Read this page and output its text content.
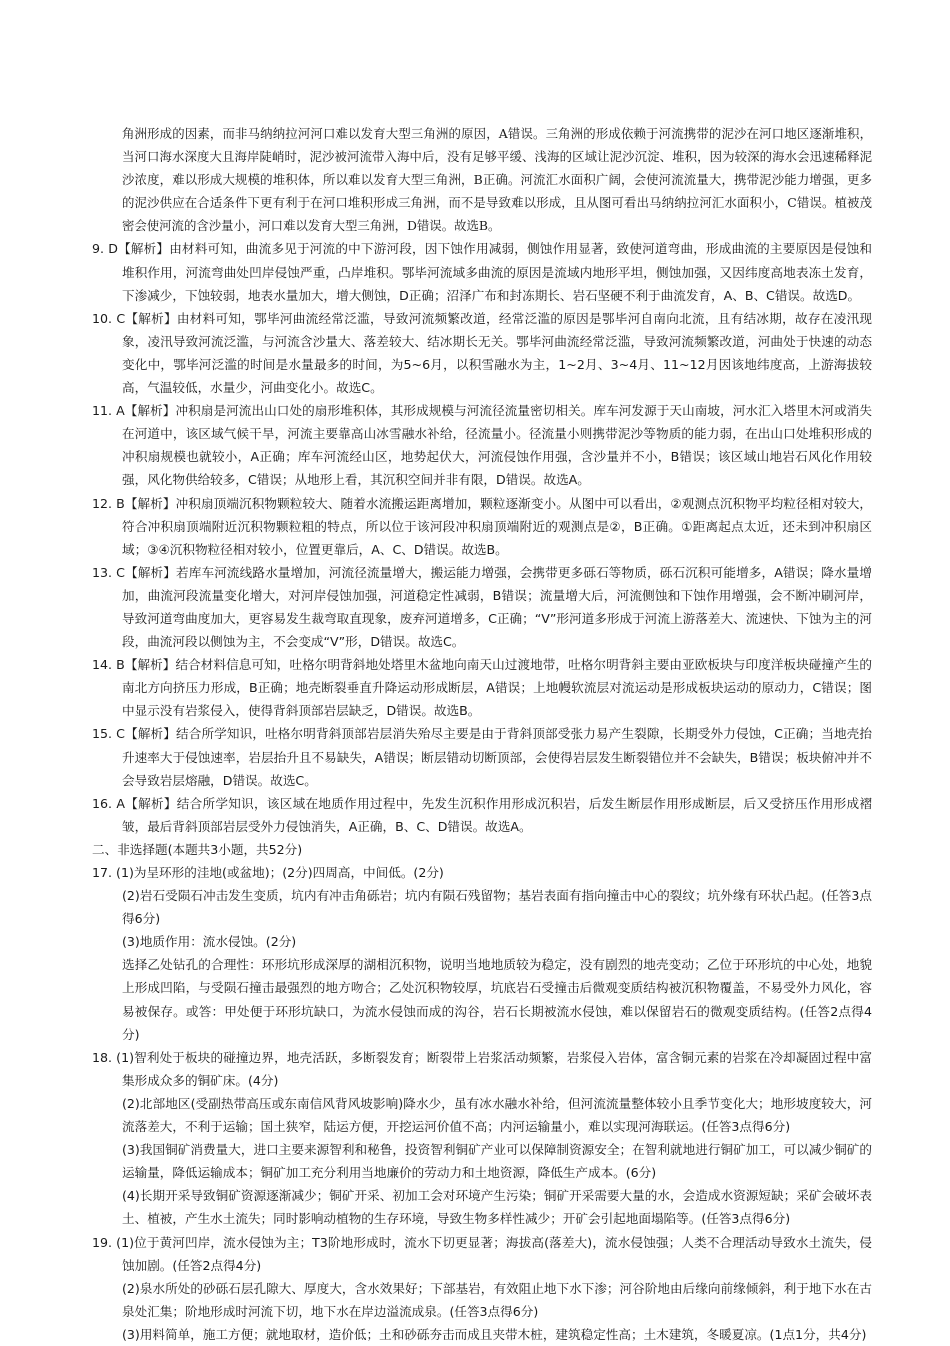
角洲形成的因素，而非马纳纳拉河河口难以发育大型三角洲的原因，A错误。三角洲的形成依赖于河流携带的泥沙在河口地区逐渐堆积，当河口海水深度大且海岸陡峭时，泥沙被河流带入海中后，没有足够平缓、浅海的区域让泥沙沉淀、堆积，因为较深的海水会迅速稀释泥沙浓度，难以形成大规模的堆积体，所以难以发育大型三角洲，B正确。河流汇水面积广阔，会使河流流量大，携带泥沙能力增强，更多的泥沙供应在合适条件下更有利于在河口堆积形成三角洲，而不是导致难以形成，且从图可看出马纳纳拉河汇水面积小，C错误。植被茂密会使河流的含沙量小，河口难以发育大型三角洲，D错误。故选B。

9. D【解析】由材料可知，曲流多见于河流的中下游河段，因下蚀作用减弱，侧蚀作用显著，致使河道弯曲，形成曲流的主要原因是侵蚀和堆积作用，河流弯曲处凹岸侵蚀严重，凸岸堆积。鄂毕河流域多曲流的原因是流域内地形平坦，侧蚀加强，又因纬度高地表冻土发育，下渗减少，下蚀较弱，地表水量加大，增大侧蚀，D正确；沼泽广布和封冻期长、岩石坚硬不利于曲流发育，A、B、C错误。故选D。

10. C【解析】由材料可知，鄂毕河曲流经常泛滥，导致河流频繁改道，经常泛滥的原因是鄂毕河自南向北流，且有结冰期，故存在凌汛现象，凌汛导致河流泛滥，与河流含沙量大、落差较大、结冰期长无关。鄂毕河曲流经常泛滥，导致河流频繁改道，河曲处于快速的动态变化中，鄂毕河泛滥的时间是水量最多的时间，为5~6月，以积雪融水为主，1~2月、3~4月、11~12月因该地纬度高，上游海拔较高，气温较低，水量少，河曲变化小。故选C。

11. A【解析】冲积扇是河流出山口处的扇形堆积体，其形成规模与河流径流量密切相关。库车河发源于天山南坡，河水汇入塔里木河或消失在河道中，该区域气候干旱，河流主要靠高山冰雪融水补给，径流量小。径流量小则携带泥沙等物质的能力弱，在出山口处堆积形成的冲积扇规模也就较小，A正确；库车河流经山区，地势起伏大，河流侵蚀作用强，含沙量并不小，B错误；该区域山地岩石风化作用较强，风化物供给较多，C错误；从地形上看，其沉积空间并非有限，D错误。故选A。

12. B【解析】冲积扇顶端沉积物颗粒较大、随着水流搬运距离增加，颗粒逐渐变小。从图中可以看出，②观测点沉积物平均粒径相对较大，符合冲积扇顶端附近沉积物颗粒粗的特点，所以位于该河段冲积扇顶端附近的观测点是②，B正确。①距离起点太近，还未到冲积扇区域；③④沉积物粒径相对较小，位置更靠后，A、C、D错误。故选B。

13. C【解析】若库车河流线路水量增加，河流径流量增大，搬运能力增强，会携带更多砾石等物质，砾石沉积可能增多，A错误；降水量增加，曲流河段流量变化增大，对河岸侵蚀加强，河道稳定性减弱，B错误；流量增大后，河流侧蚀和下蚀作用增强，会不断冲刷河岸，导致河道弯曲度加大，更容易发生裁弯取直现象，废弃河道增多，C正确；“V”形河道多形成于河流上游落差大、流速快、下蚀为主的河段，曲流河段以侧蚀为主，不会变成“V”形，D错误。故选C。

14. B【解析】结合材料信息可知，吐格尔明背斜地处塔里木盆地向南天山过渡地带，吐格尔明背斜主要由亚欧板块与印度洋板块碰撞产生的南北方向挤压力形成，B正确；地壳断裂垂直升降运动形成断层，A错误；上地幔软流层对流运动是形成板块运动的原动力，C错误；图中显示没有岩浆侵入，使得背斜顶部岩层缺乏，D错误。故选B。

15. C【解析】结合所学知识，吐格尔明背斜顶部岩层消失殆尽主要是由于背斜顶部受张力易产生裂隙，长期受外力侵蚀，C正确；当地壳抬升速率大于侵蚀速率，岩层抬升且不易缺失，A错误；断层错动切断顶部，会使得岩层发生断裂错位并不会缺失，B错误；板块俯冲并不会导致岩层熔融，D错误。故选C。

16. A【解析】结合所学知识，该区域在地质作用过程中，先发生沉积作用形成沉积岩，后发生断层作用形成断层，后又受挤压作用形成褶皱，最后背斜顶部岩层受外力侵蚀消失，A正确，B、C、D错误。故选A。

二、非选择题(本题共3小题，共52分)

17. (1)为呈环形的洼地(或盆地)；(2分)四周高，中间低。(2分)

(2)岩石受陨石冲击发生变质，坑内有冲击角砾岩；坑内有陨石残留物；基岩表面有指向撞击中心的裂纹；坑外缘有环状凸起。(任答3点得6分)

(3)地质作用：流水侵蚀。(2分)

选择乙处钻孔的合理性：环形坑形成深厚的湖相沉积物，说明当地地质较为稳定，没有剧烈的地壳变动；乙位于环形坑的中心处，地貌上形成凹陷，与受陨石撞击最强烈的地方吻合；乙处沉积物较厚，坑底岩石受撞击后微观变质结构被沉积物覆盖，不易受外力风化，容易被保存。或答：甲处便于环形坑缺口，为流水侵蚀而成的沟谷，岩石长期被流水侵蚀，难以保留岩石的微观变质结构。(任答2点得4分)

18. (1)智利处于板块的碰撞边界，地壳活跃，多断裂发育；断裂带上岩浆活动频繁，岩浆侵入岩体，富含铜元素的岩浆在冷却凝固过程中富集形成众多的铜矿床。(4分)

(2)北部地区(受副热带高压或东南信风背风坡影响)降水少，虽有冰水融水补给，但河流流量整体较小且季节变化大；地形坡度较大，河流落差大，不利于运输；国土狭窄，陆运方便，开挖运河价值不高；内河运输量小，难以实现河海联运。(任答3点得6分)

(3)我国铜矿消费量大，进口主要来源智利和秘鲁，投资智利铜矿产业可以保障制资源安全；在智利就地进行铜矿加工，可以减少铜矿的运输量，降低运输成本；铜矿加工充分利用当地廉价的劳动力和土地资源，降低生产成本。(6分)

(4)长期开采导致铜矿资源逐渐减少；铜矿开采、初加工会对环境产生污染；铜矿开采需要大量的水，会造成水资源短缺；采矿会破坏表土、植被，产生水土流失；同时影响动植物的生存环境，导致生物多样性减少；开矿会引起地面塌陷等。(任答3点得6分)

19. (1)位于黄河凹岸，流水侵蚀为主；T3阶地形成时，流水下切更显著；海拔高(落差大)，流水侵蚀强；人类不合理活动导致水土流失，侵蚀加剧。(任答2点得4分)

(2)泉水所处的砂砾石层孔隙大、厚度大，含水效果好；下部基岩，有效阻止地下水下渗；河谷阶地由后缘向前缘倾斜，利于地下水在古泉处汇集；阶地形成时河流下切，地下水在岸边溢流成泉。(任答3点得6分)

(3)用料简单，施工方便；就地取材，造价低；土和砂砾夯击而成且夹带木桩，建筑稳定性高；土木建筑，冬暖夏凉。(1点1分，共4分)
